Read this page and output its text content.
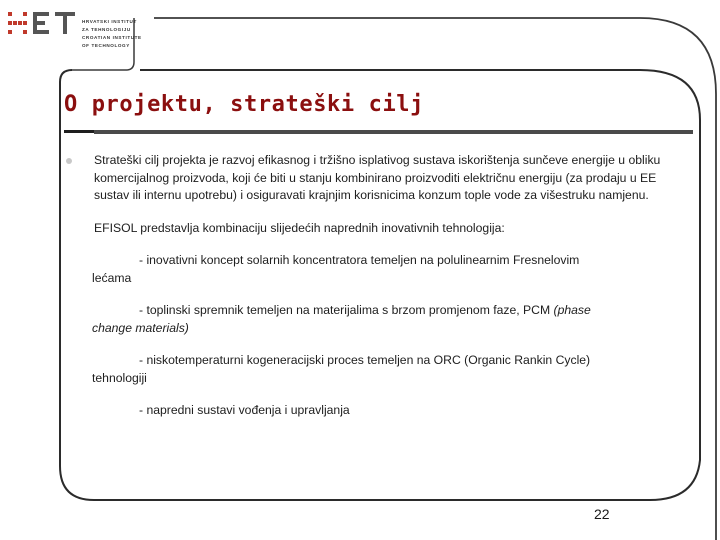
HRVATSKI INSTITUT
ZA TEHNOLOGIJU
CROATIAN INSTITUTE
OF TECHNOLOGY
O projektu, strateški cilj

Strateški cilj projekta je razvoj efikasnog i tržišno isplativog sustava iskorištenja sunčeve energije u obliku komercijalnog proizvoda, koji će biti u stanju kombinirano proizvoditi električnu energiju (za prodaju u EE sustav ili internu upotrebu) i osiguravati krajnjim korisnicima konzum tople vode za višestruku namjenu.

EFISOL predstavlja kombinaciju slijedećih naprednih inovativnih tehnologija:

- inovativni koncept solarnih koncentratora temeljen na polulinearnim Fresnelovim
lećama
- toplinski spremnik temeljen na materijalima s brzom promjenom faze, PCM (phase
change materials)
- niskotemperaturni kogeneracijski proces temeljen na ORC (Organic Rankin Cycle)
tehnologiji
- napredni sustavi vođenja i upravljanja
22
